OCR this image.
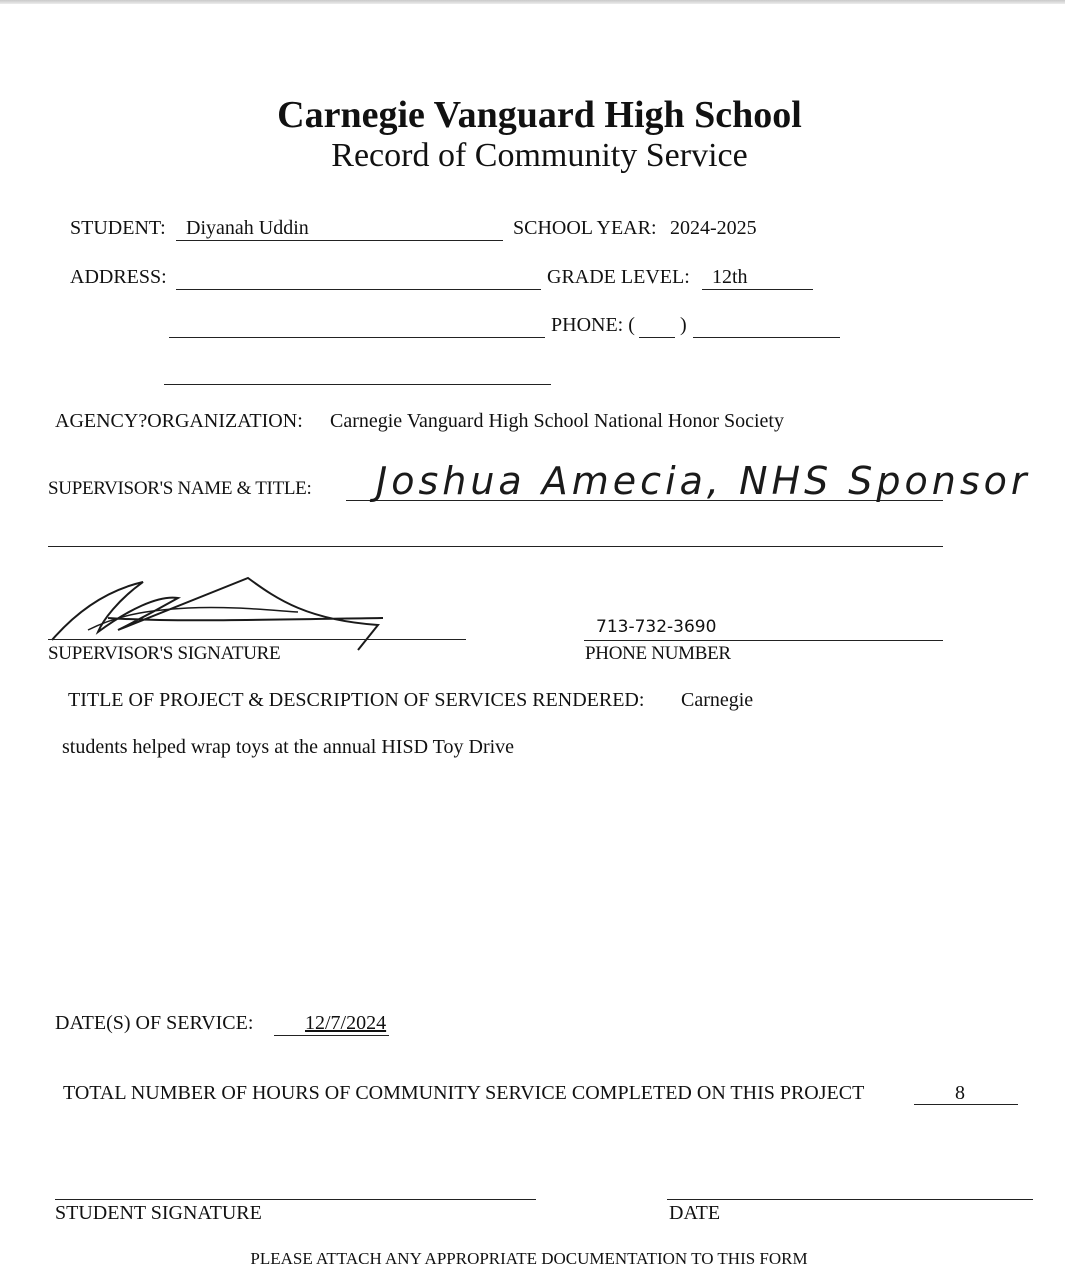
Carnegie Vanguard High School
Record of Community Service
STUDENT: Diyanah Uddin	SCHOOL YEAR: 2024-2025
ADDRESS:	GRADE LEVEL: 12th
PHONE: ( )
AGENCY?ORGANIZATION: Carnegie Vanguard High School National Honor Society
SUPERVISOR'S NAME & TITLE: Joshua Amecia, NHS Sponsor
SUPERVISOR'S SIGNATURE
713-732-3690
PHONE NUMBER
TITLE OF PROJECT & DESCRIPTION OF SERVICES RENDERED: Carnegie
students helped wrap toys at the annual HISD Toy Drive
DATE(S) OF SERVICE:	12/7/2024
TOTAL NUMBER OF HOURS OF COMMUNITY SERVICE COMPLETED ON THIS PROJECT	8
STUDENT SIGNATURE	DATE
PLEASE ATTACH ANY APPROPRIATE DOCUMENTATION TO THIS FORM
